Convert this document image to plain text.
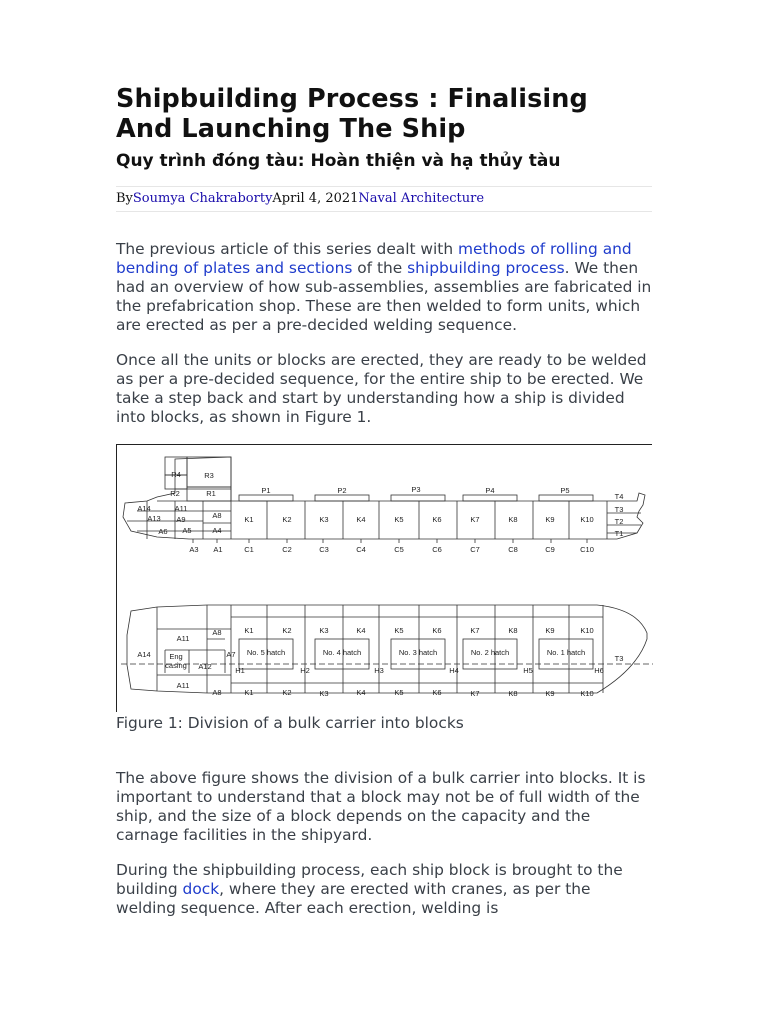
Shipbuilding Process : Finalising And Launching The Ship
Quy trình đóng tàu: Hoàn thiện và hạ thủy tàu
BySoumya ChakrabortyApril 4, 2021Naval Architecture

The previous article of this series dealt with methods of rolling and bending of plates and sections of the shipbuilding process. We then had an overview of how sub-assemblies, assemblies are fabricated in the prefabrication shop. These are then welded to form units, which are erected as per a pre-decided welding sequence.

Once all the units or blocks are erected, they are ready to be welded as per a pre-decided sequence, for the entire ship to be erected. We take a step back and start by understanding how a ship is divided into blocks, as shown in Figure 1.

R4	R3
R2	R1
A14	A11
A13 A9	A8
A6 A5	A4
P1	P2	P3	P4	P5
K1	K2	K3	K4	K5	K6	K7	K8	K9	K10
T4
T3
T2
T1
A3 A1	C1	C2	C3	C4	C5	C6	C7	C8	C9	C10
A11
A8
A14 Eng
casing A12
A7
A11
A8
K1	K2	K3	K4	K5	K6	K7	K8	K9	K10
No. 5 hatch	No. 4 hatch	No. 3 hatch	No. 2 hatch	No. 1 hatch
H1	H2	H3	H4	H5	H6
K1	K2	K3	K4	K5	K6	K7	K8	K9	K10
T3
Figure 1: Division of a bulk carrier into blocks

The above figure shows the division of a bulk carrier into blocks. It is important to understand that a block may not be of full width of the ship, and the size of a block depends on the capacity and the carnage facilities in the shipyard.

During the shipbuilding process, each ship block is brought to the building dock, where they are erected with cranes, as per the welding sequence. After each erection, welding is
